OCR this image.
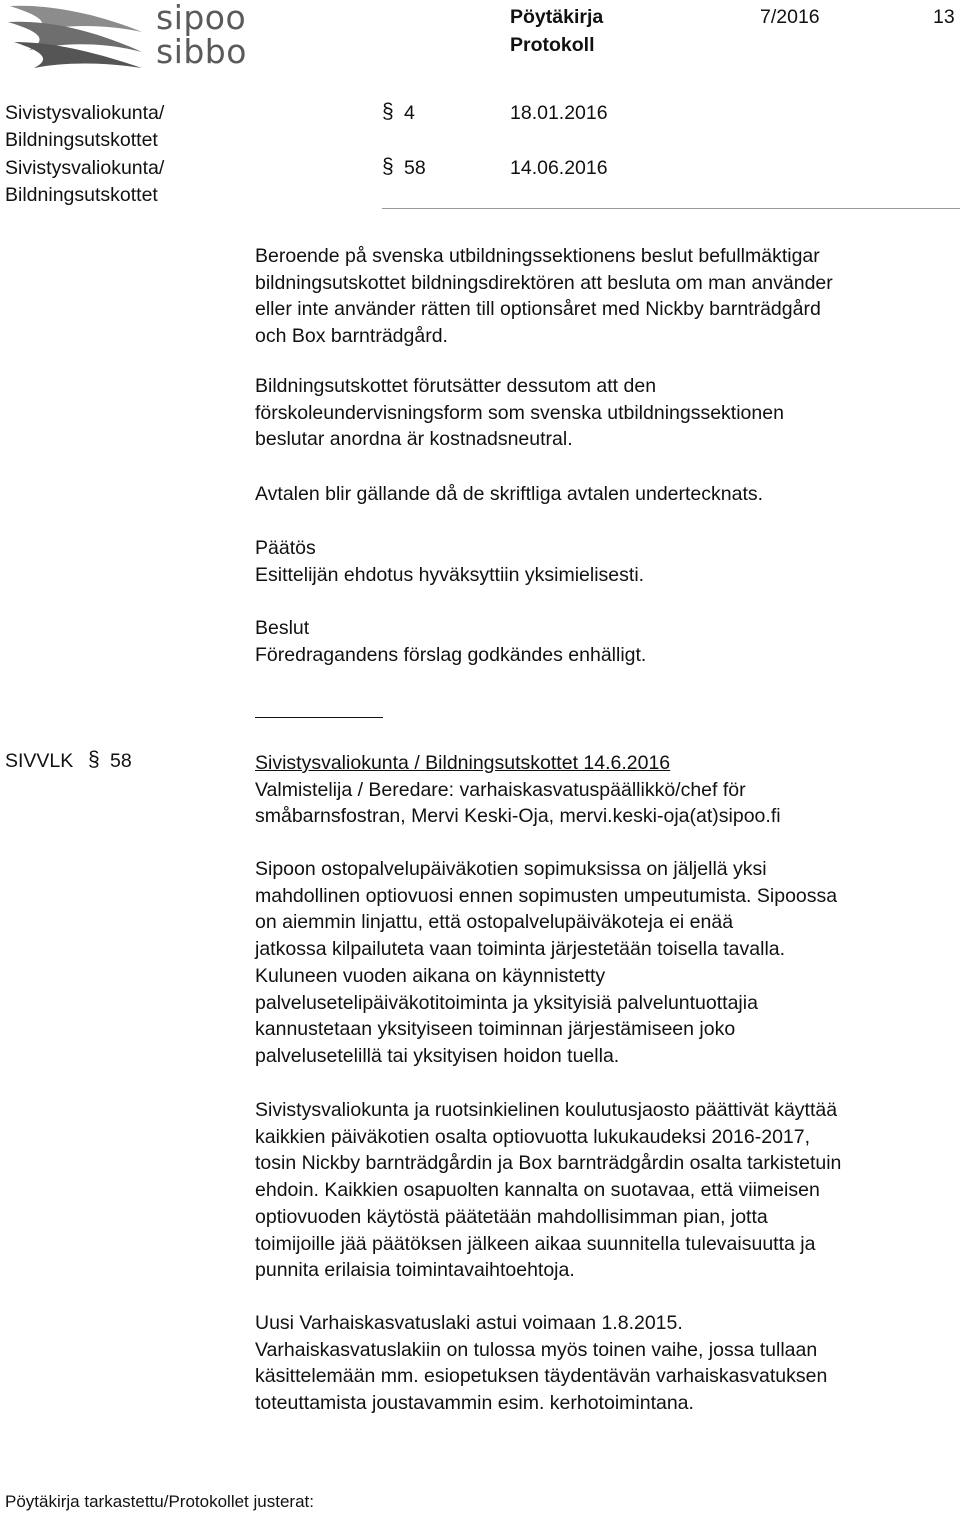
sipoo
sibbo
Pöytäkirja
Protokoll
7/2016	13
Sivistysvaliokunta/
Bildningsutskottet
§ 4	18.01.2016
Sivistysvaliokunta/
Bildningsutskottet
§ 58	14.06.2016
Beroende på svenska utbildningssektionens beslut befullmäktigar
bildningsutskottet bildningsdirektören att besluta om man använder
eller inte använder rätten till optionsåret med Nickby barnträdgård
och Box barnträdgård.
Bildningsutskottet förutsätter dessutom att den
förskoleundervisningsform som svenska utbildningssektionen
beslutar anordna är kostnadsneutral.
Avtalen blir gällande då de skriftliga avtalen undertecknats.
Päätös
Esittelijän ehdotus hyväksyttiin yksimielisesti.
Beslut
Föredragandens förslag godkändes enhälligt.
SIVVLK § 58	Sivistysvaliokunta / Bildningsutskottet 14.6.2016
Valmistelija / Beredare: varhaiskasvatuspäällikkö/chef för
småbarnsfostran, Mervi Keski-Oja, mervi.keski-oja(at)sipoo.fi
Sipoon ostopalvelupäiväkotien sopimuksissa on jäljellä yksi
mahdollinen optiovuosi ennen sopimusten umpeutumista. Sipoossa
on aiemmin linjattu, että ostopalvelupäiväkoteja ei enää
jatkossa kilpailuteta vaan toiminta järjestetään toisella tavalla.
Kuluneen vuoden aikana on käynnistetty
palvelusetelipäiväkotitoiminta ja yksityisiä palveluntuottajia
kannustetaan yksityiseen toiminnan järjestämiseen joko
palvelusetelillä tai yksityisen hoidon tuella.
Sivistysvaliokunta ja ruotsinkielinen koulutusjaosto päättivät käyttää
kaikkien päiväkotien osalta optiovuotta lukukaudeksi 2016-2017,
tosin Nickby barnträdgårdin ja Box barnträdgårdin osalta tarkistetuin
ehdoin. Kaikkien osapuolten kannalta on suotavaa, että viimeisen
optiovuoden käytöstä päätetään mahdollisimman pian, jotta
toimijoille jää päätöksen jälkeen aikaa suunnitella tulevaisuutta ja
punnita erilaisia toimintavaihtoehtoja.
Uusi Varhaiskasvatuslaki astui voimaan 1.8.2015.
Varhaiskasvatuslakiin on tulossa myös toinen vaihe, jossa tullaan
käsittelemään mm. esiopetuksen täydentävän varhaiskasvatuksen
toteuttamista joustavammin esim. kerhotoimintana.
Pöytäkirja tarkastettu/Protokollet justerat:
